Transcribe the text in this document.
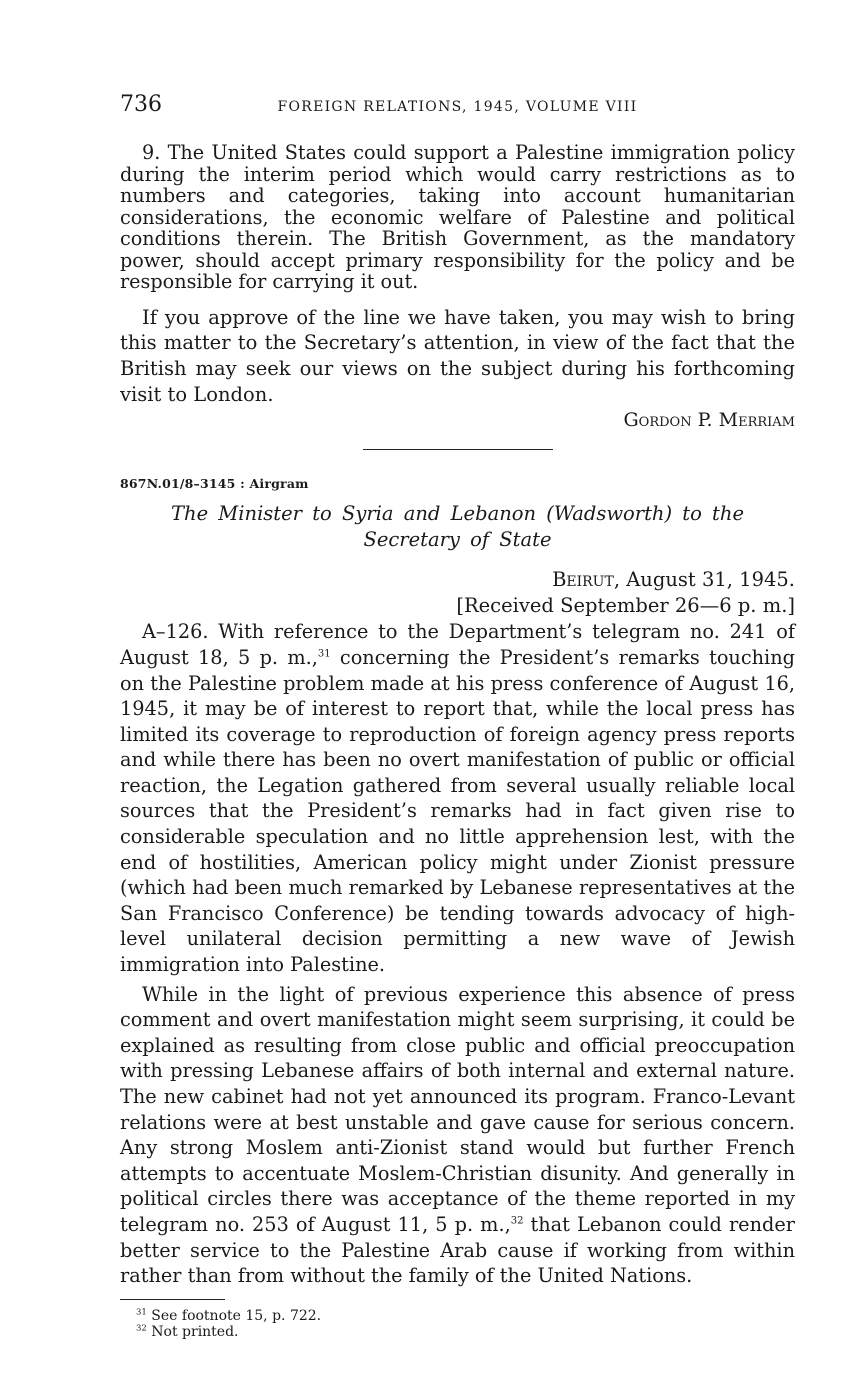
736	FOREIGN RELATIONS, 1945, VOLUME VIII

9. The United States could support a Palestine immigration policy during the interim period which would carry restrictions as to numbers and categories, taking into account humanitarian considerations, the economic welfare of Palestine and political conditions therein. The British Government, as the mandatory power, should accept primary responsibility for the policy and be responsible for carrying it out.

If you approve of the line we have taken, you may wish to bring this matter to the Secretary’s attention, in view of the fact that the British may seek our views on the subject during his forthcoming visit to London.
Gordon P. Merriam
867N.01/8–3145 : Airgram
The Minister to Syria and Lebanon (Wadsworth) to the Secretary of State
Beirut, August 31, 1945.
[Received September 26—6 p. m.]

A–126. With reference to the Department’s telegram no. 241 of August 18, 5 p. m.,$^{31}$ concerning the President’s remarks touching on the Palestine problem made at his press conference of August 16, 1945, it may be of interest to report that, while the local press has limited its coverage to reproduction of foreign agency press reports and while there has been no overt manifestation of public or official reaction, the Legation gathered from several usually reliable local sources that the President’s remarks had in fact given rise to considerable speculation and no little apprehension lest, with the end of hostilities, American policy might under Zionist pressure (which had been much remarked by Lebanese representatives at the San Francisco Conference) be tending towards advocacy of high-level unilateral decision permitting a new wave of Jewish immigration into Palestine.

While in the light of previous experience this absence of press comment and overt manifestation might seem surprising, it could be explained as resulting from close public and official preoccupation with pressing Lebanese affairs of both internal and external nature. The new cabinet had not yet announced its program. Franco-Levant relations were at best unstable and gave cause for serious concern. Any strong Moslem anti-Zionist stand would but further French attempts to accentuate Moslem-Christian disunity. And generally in political circles there was acceptance of the theme reported in my telegram no. 253 of August 11, 5 p. m.,$^{32}$ that Lebanon could render better service to the Palestine Arab cause if working from within rather than from without the family of the United Nations.

$^{31}$ See footnote 15, p. 722.
$^{32}$ Not printed.
